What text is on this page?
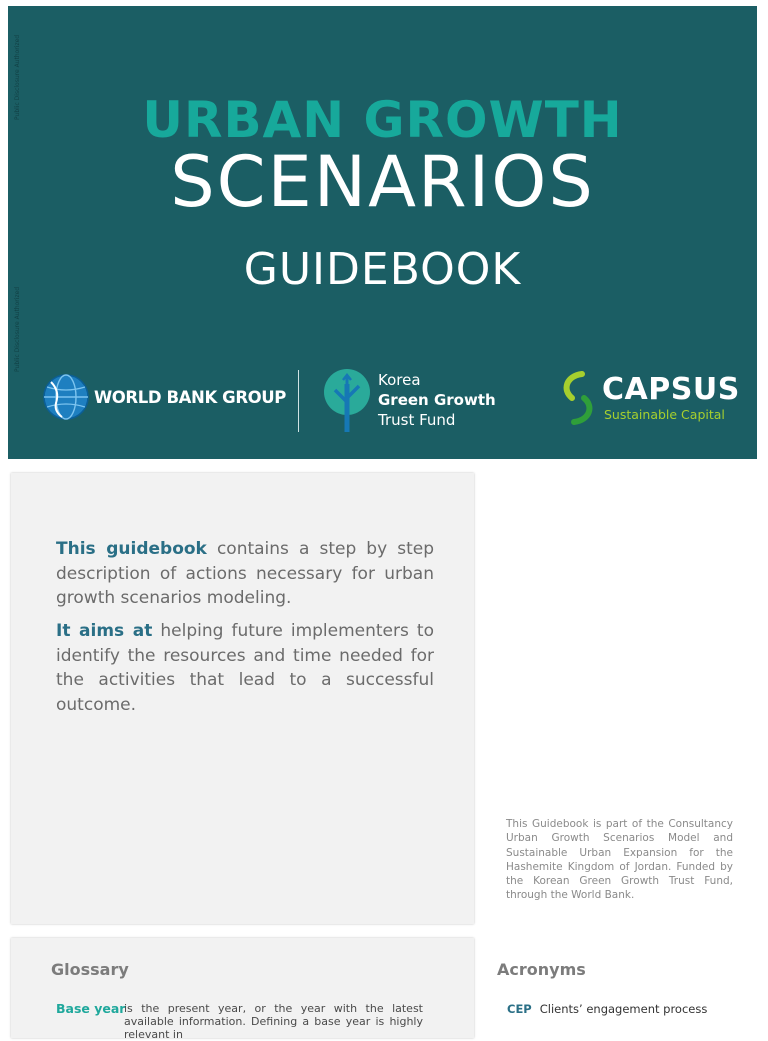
Public Disclosure Authorized
Public Disclosure Authorized
URBAN GROWTH
SCENARIOS
GUIDEBOOK
WORLD BANK GROUP
Korea
Green Growth
Trust Fund
CAPSUS
Sustainable Capital

This guidebook contains a step by step description of actions necessary for urban growth scenarios modeling.

It aims at helping future implementers to identify the resources and time needed for the activities that lead to a successful outcome.

This Guidebook is part of the Consultancy Urban Growth Scenarios Model and Sustainable Urban Expansion for the Hashemite Kingdom of Jordan. Funded by the Korean Green Growth Trust Fund, through the World Bank.

Glossary
Base year
is the present year, or the year with the latest available information. Defining a base year is highly relevant in
Acronyms
CEP Clients’ engagement process
